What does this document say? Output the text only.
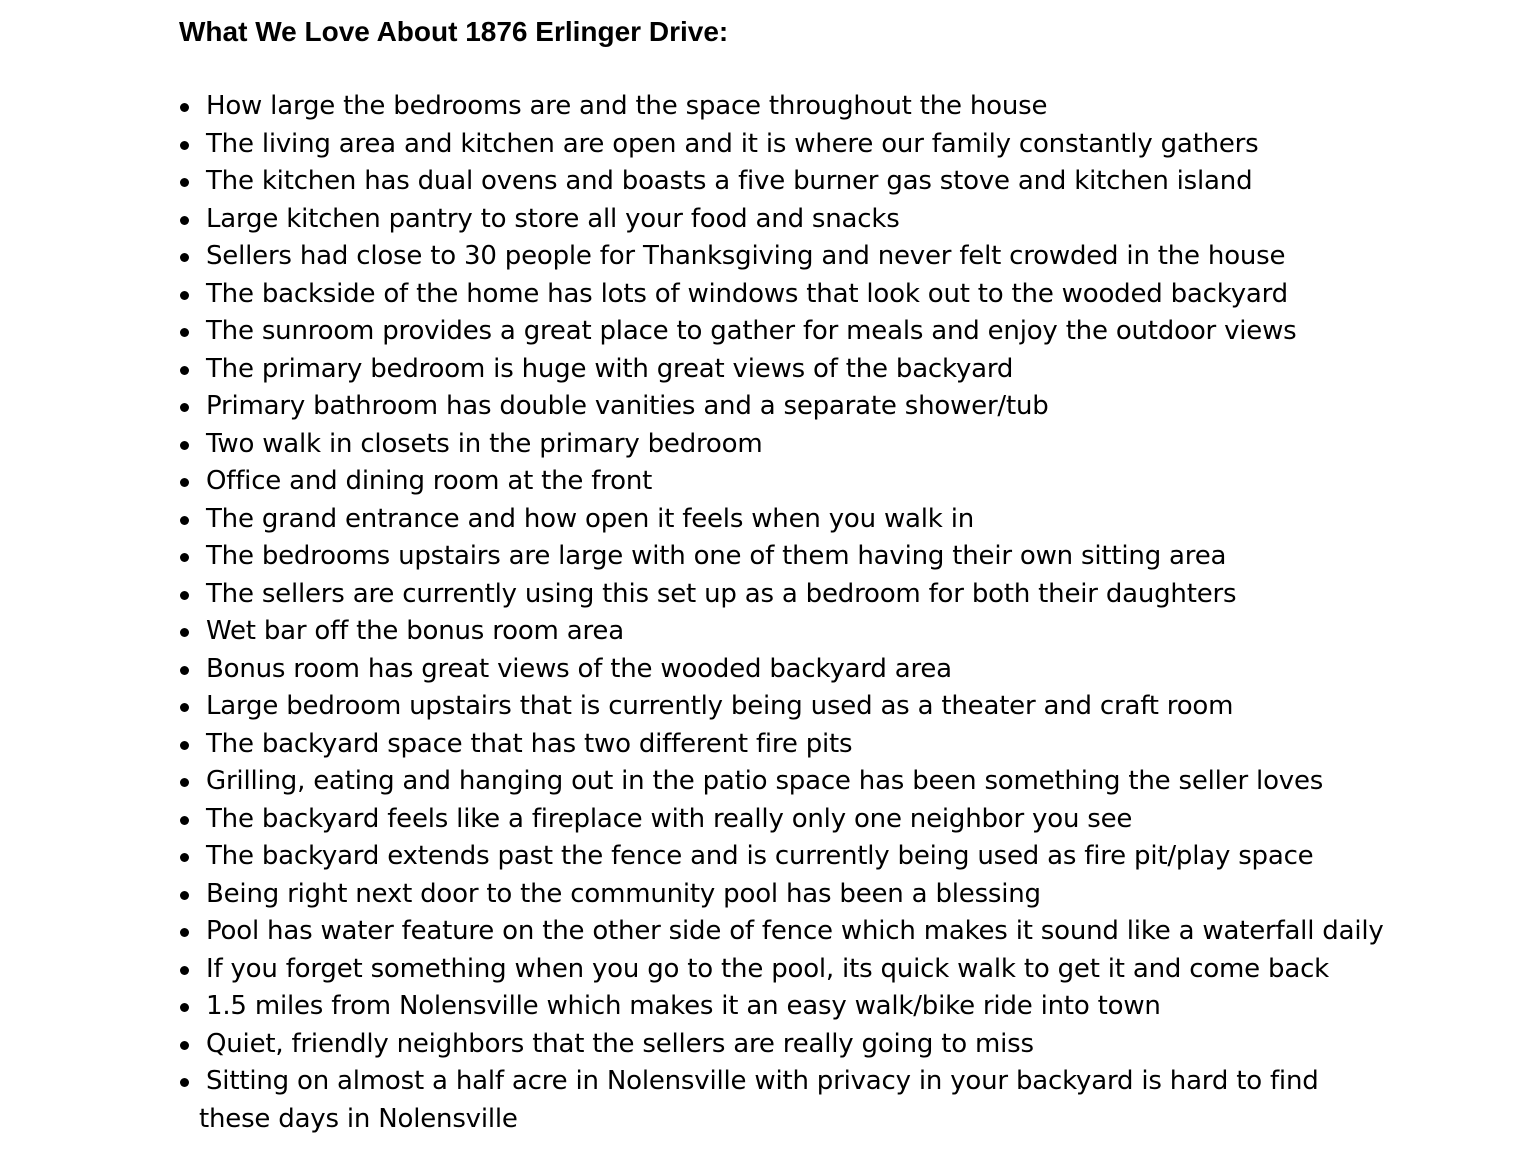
What We Love About 1876 Erlinger Drive:
How large the bedrooms are and the space throughout the house
The living area and kitchen are open and it is where our family constantly gathers
The kitchen has dual ovens and boasts a five burner gas stove and kitchen island
Large kitchen pantry to store all your food and snacks
Sellers had close to 30 people for Thanksgiving and never felt crowded in the house
The backside of the home has lots of windows that look out to the wooded backyard
The sunroom provides a great place to gather for meals and enjoy the outdoor views
The primary bedroom is huge with great views of the backyard
Primary bathroom has double vanities and a separate shower/tub
Two walk in closets in the primary bedroom
Office and dining room at the front
The grand entrance and how open it feels when you walk in
The bedrooms upstairs are large with one of them having their own sitting area
The sellers are currently using this set up as a bedroom for both their daughters
Wet bar off the bonus room area
Bonus room has great views of the wooded backyard area
Large bedroom upstairs that is currently being used as a theater and craft room
The backyard space that has two different fire pits
Grilling, eating and hanging out in the patio space has been something the seller loves
The backyard feels like a fireplace with really only one neighbor you see
The backyard extends past the fence and is currently being used as fire pit/play space
Being right next door to the community pool has been a blessing
Pool has water feature on the other side of fence which makes it sound like a waterfall daily
If you forget something when you go to the pool, its quick walk to get it and come back
1.5 miles from Nolensville which makes it an easy walk/bike ride into town
Quiet, friendly neighbors that the sellers are really going to miss
Sitting on almost a half acre in Nolensville with privacy in your backyard is hard to find
these days in Nolensville
